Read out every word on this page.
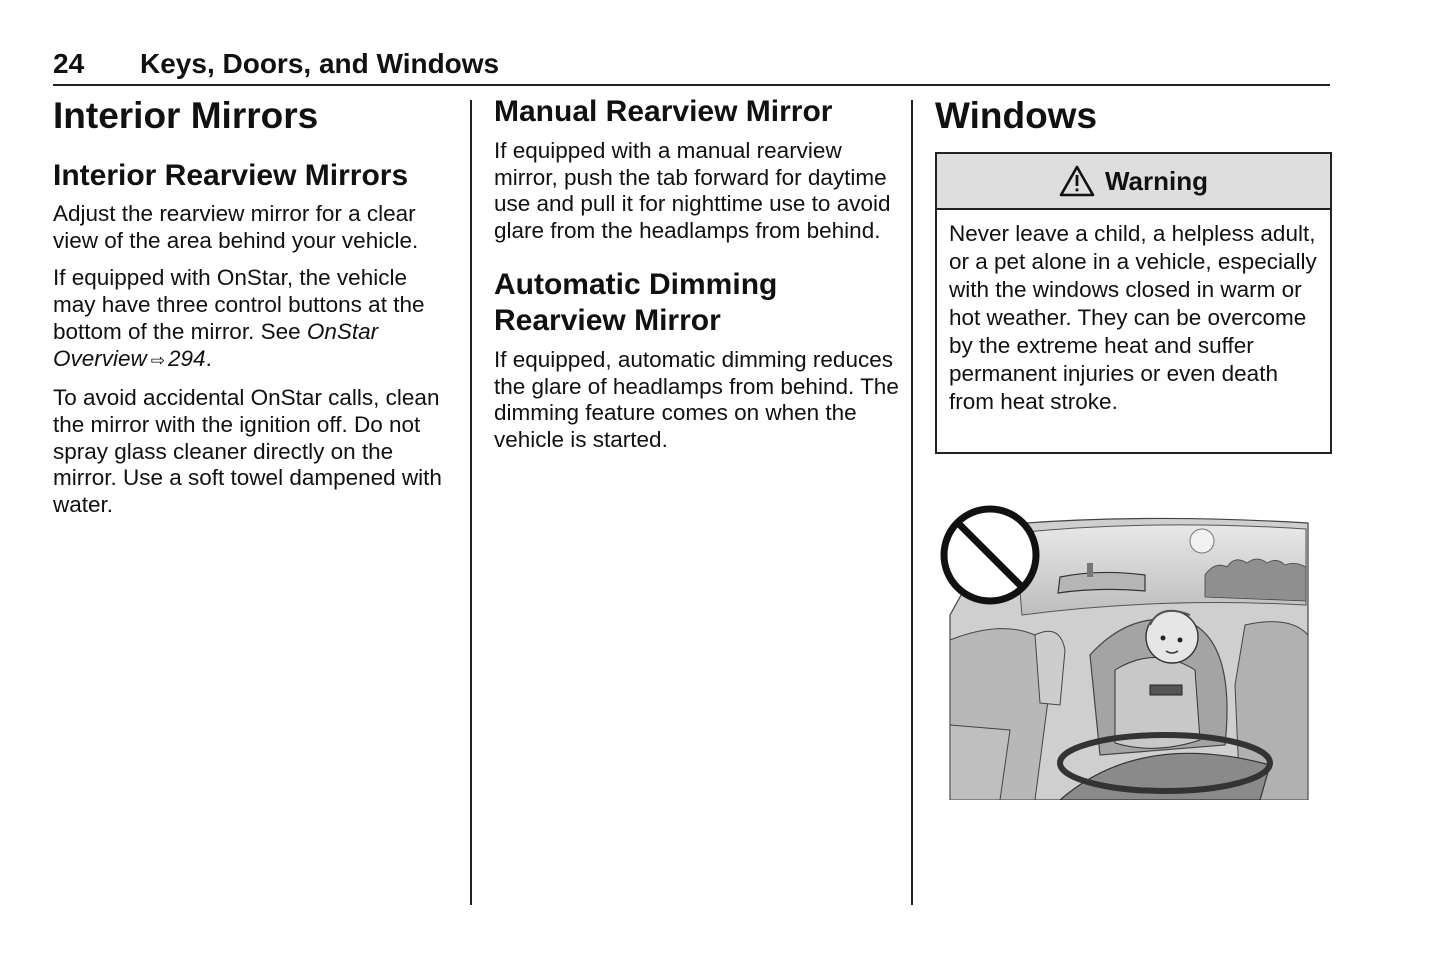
24 Keys, Doors, and Windows
Interior Mirrors
Interior Rearview Mirrors

Adjust the rearview mirror for a clear view of the area behind your vehicle.

If equipped with OnStar, the vehicle may have three control buttons at the bottom of the mirror. See OnStar Overview ⇨ 294.

To avoid accidental OnStar calls, clean the mirror with the ignition off. Do not spray glass cleaner directly on the mirror. Use a soft towel dampened with water.

Manual Rearview Mirror

If equipped with a manual rearview mirror, push the tab forward for daytime use and pull it for nighttime use to avoid glare from the headlamps from behind.

Automatic Dimming Rearview Mirror

If equipped, automatic dimming reduces the glare of headlamps from behind. The dimming feature comes on when the vehicle is started.

Windows
Warning
Never leave a child, a helpless adult, or a pet alone in a vehicle, especially with the windows closed in warm or hot weather. They can be overcome by the extreme heat and suffer permanent injuries or even death from heat stroke.
